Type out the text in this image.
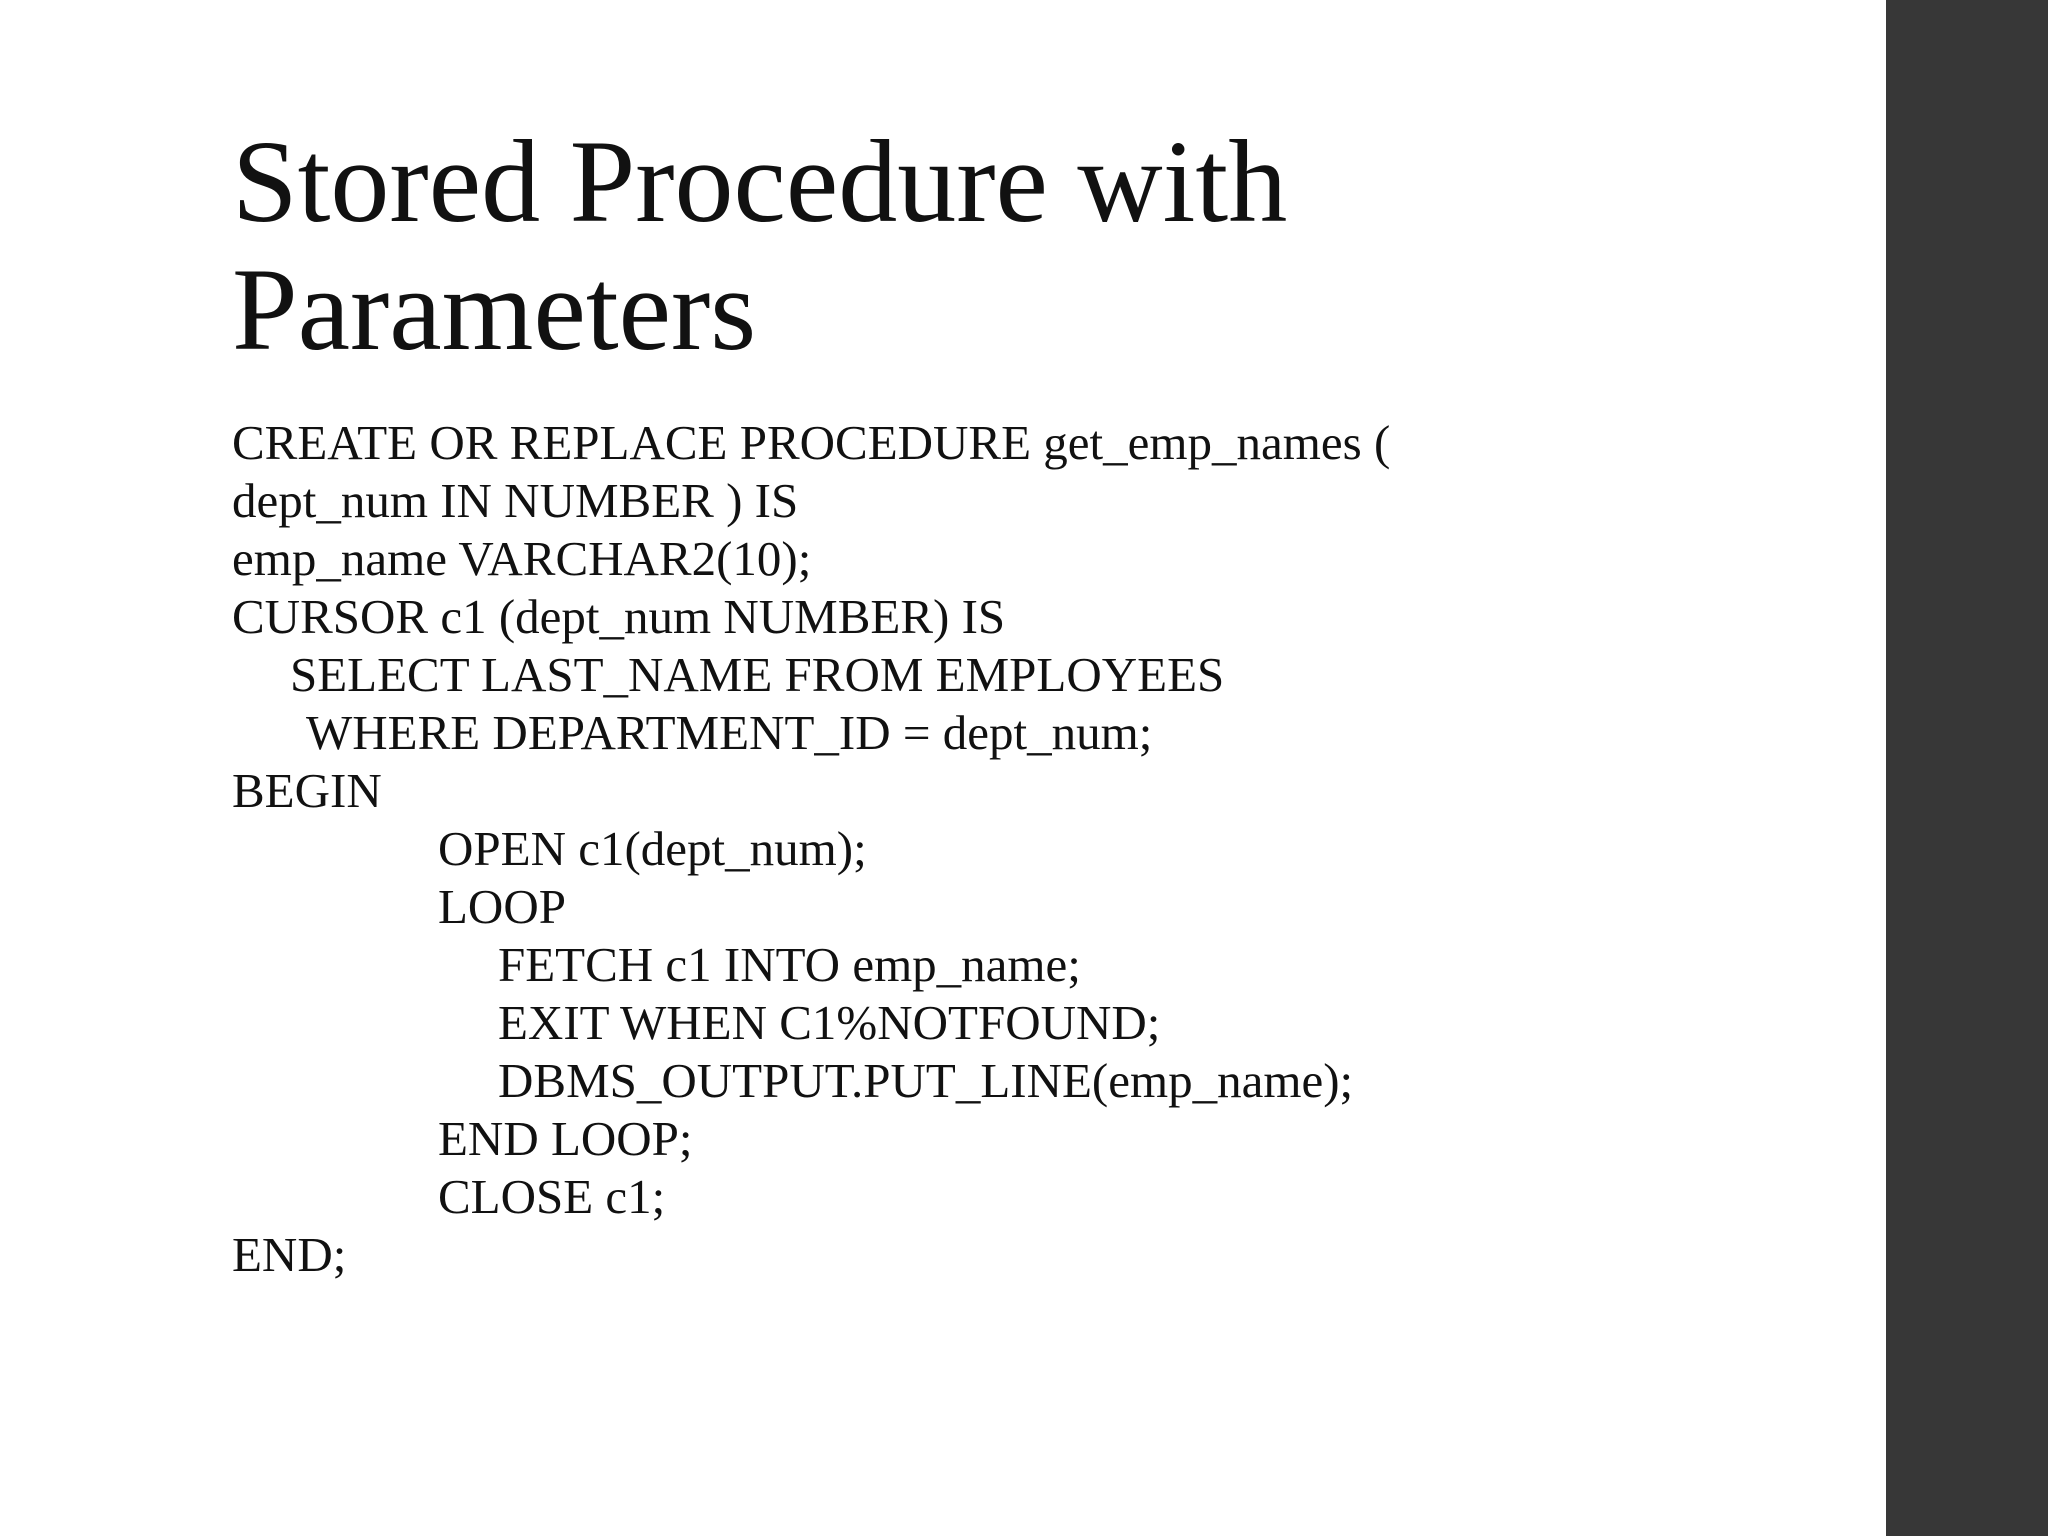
Stored Procedure with
Parameters
CREATE OR REPLACE PROCEDURE get_emp_names (
dept_num IN NUMBER ) IS
emp_name VARCHAR2(10);
CURSOR c1 (dept_num NUMBER) IS
SELECT LAST_NAME FROM EMPLOYEES
WHERE DEPARTMENT_ID = dept_num;
BEGIN
OPEN c1(dept_num);
LOOP
FETCH c1 INTO emp_name;
EXIT WHEN C1%NOTFOUND;
DBMS_OUTPUT.PUT_LINE(emp_name);
END LOOP;
CLOSE c1;
END;
